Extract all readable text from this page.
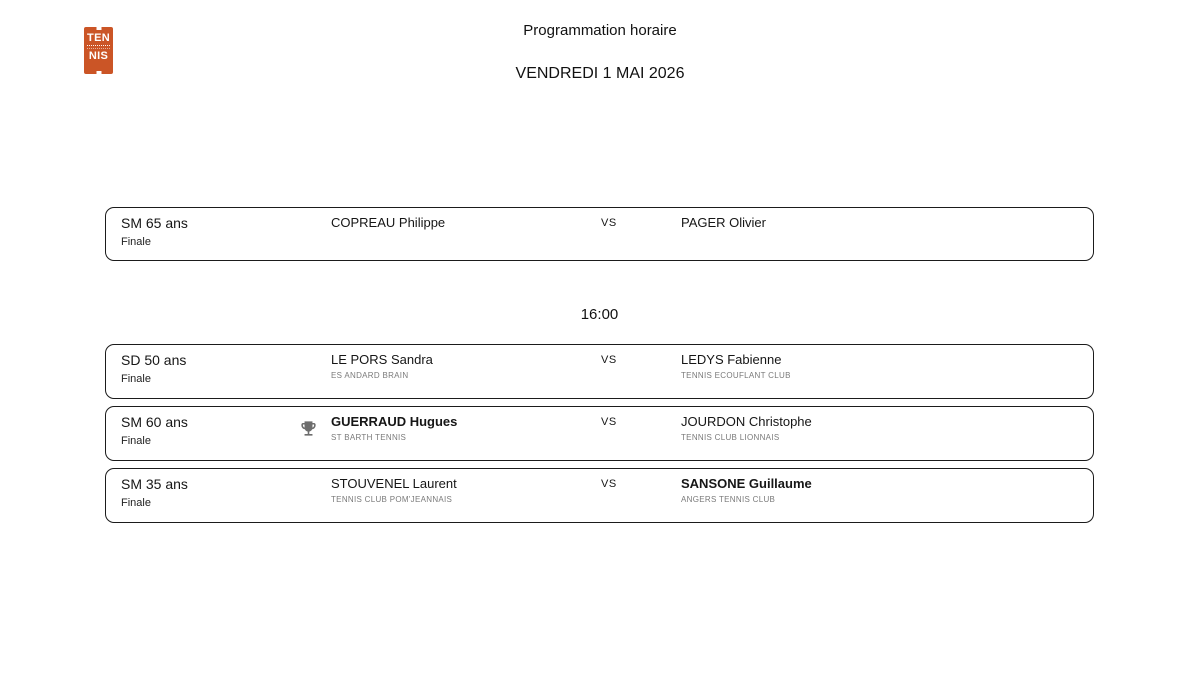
TEN
NIS
Programmation horaire
VENDREDI 1 MAI 2026
SM 65 ans
Finale
COPREAU Philippe	VS	PAGER Olivier
16:00
SD 50 ans
Finale
LE PORS Sandra
ES ANDARD BRAIN
VS	LEDYS Fabienne
TENNIS ECOUFLANT CLUB
SM 60 ans
Finale
GUERRAUD Hugues
ST BARTH TENNIS
VS	JOURDON Christophe
TENNIS CLUB LIONNAIS
SM 35 ans
Finale
STOUVENEL Laurent
TENNIS CLUB POM'JEANNAIS
VS	SANSONE Guillaume
ANGERS TENNIS CLUB
